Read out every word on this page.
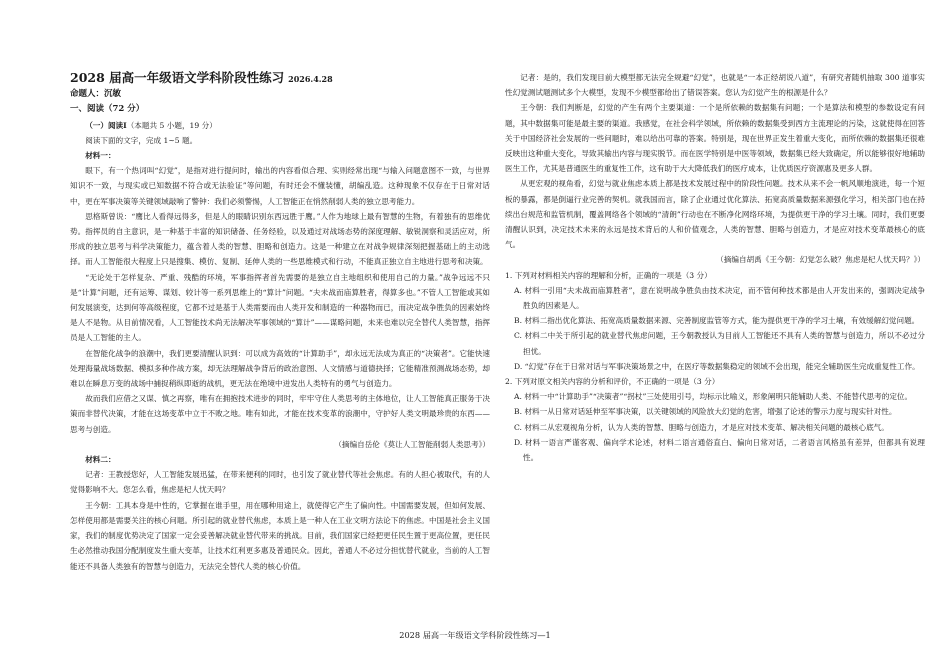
2028 届高一年级语文学科阶段性练习 2026.4.28

命题人：沉敏

一、阅读（72 分）

（一）阅读Ⅰ（本题共 5 小题，19 分）

阅读下面的文字，完成 1~5 题。

材料一：

眼下，有一个热词叫“幻觉”，是指对进行提问时，输出的内容看似合理、实则经常出现“与输入问题意图不一致，与世界知识不一致，与现实或已知数据不符合或无法验证”等问题，有时还会不懂装懂，胡编乱造。这种现象不仅存在于日常对话中，更在军事决策等关键领域敲响了警钟：我们必须警惕，人工智能正在悄然削弱人类的独立思考能力。

思格斯曾说：“鹰比人看得远得多，但是人的眼睛识别东西远胜于鹰。”人作为地球上最有智慧的生物，有着独有的思维优势。指挥员的自主意识，是一种基于丰富的知识储备、任务经验，以及通过对战场态势的深度理解、敏锐洞察和灵活应对，所形成的独立思考与科学决策能力，蕴含着人类的智慧、胆略和创造力。这是一种建立在对战争规律深刻把握基础上的主动选择。而人工智能很大程度上只是搜集、模仿、复制、延伸人类的一些思维模式和行动，不能真正独立自主地进行思考和决策。

“无论处于怎样复杂、严重、残酷的环境，军事指挥者首先需要的是独立自主地组织和使用自己的力量。”战争远远不只是“计算”问题，还有运筹、谋划、较计等一系列思维上的“算计”问题。“夫未战而庙算胜者，得算多也。”不管人工智能或其如何发展演变，达到何等高级程度，它都不过是基于人类需要而由人类开发和制造的一种器物而已，而决定战争胜负的因素始终是人不是物。从目前情况看，人工智能技术尚无法解决军事领域的“算计”——谋略问题，未来也难以完全替代人类智慧，指挥员是人工智能的主人。

在智能化战争的浪潮中，我们更要清醒认识到：可以成为高效的“计算助手”，却永远无法成为真正的“决策者”。它能快速处理海量战场数据、模拟多种作战方案，却无法理解战争背后的政治意图、人文情感与道德抉择；它能精准预测战场态势，却难以在瞬息万变的战场中捕捉稍纵即逝的战机，更无法在绝境中迸发出人类特有的勇气与创造力。

故而我们应借之又谋、慎之再察，唯有在拥抱技术进步的同时，牢牢守住人类思考的主体地位，让人工智能真正服务于决策而非替代决策，才能在这场变革中立于不败之地。唯有如此，才能在技术变革的浪潮中，守护好人类文明最珍贵的东西——思考与创造。

（摘编自岳伦《莫让人工智能削弱人类思考》）

材料二：

记者：王教授您好，人工智能发展迅猛，在带来便利的同时，也引发了就业替代等社会焦虑。有的人担心被取代，有的人觉得影响不大。您怎么看，焦虑是杞人忧天吗？

王今朝：工具本身是中性的，它掌握在谁手里，用在哪种用途上，就使得它产生了偏向性。中国需要发展，但如何发展、怎样使用都是需要关注的核心问题。所引起的就业替代焦虑，本质上是一种人在工业文明方法论下的焦虑。中国是社会主义国家，我们的制度优势决定了国家一定会妥善解决就业替代带来的挑战。目前，我们国家已经把更任民生置于更高位置，更任民生必然推动我国分配制度发生重大变革，让技术红利更多惠及普通民众。因此，普通人不必过分担忧替代就业，当前的人工智能还不具备人类独有的智慧与创造力，无法完全替代人类的核心价值。

记者：是的，我们发现目前大模型都无法完全规避“幻觉”，也就是“一本正经胡说八道”，有研究者随机抽取 300 道事实性幻觉测试题测试多个大模型，发现不少模型都给出了错误答案。您认为幻觉产生的根源是什么？

王今朝：我们判断是，幻觉的产生有两个主要渠道：一个是所依赖的数据集有问题；一个是算法和模型的参数设定有问题，其中数据集可能是最主要的渠道。我感觉，在社会科学领域，所依赖的数据集受到西方主流理论的污染，这就使得在回答关于中国经济社会发展的一些问题时，难以给出可靠的答案。特别是，现在世界正发生着重大变化，而所依赖的数据集还很难反映出这种重大变化，导致其输出内容与现实脱节。而在医学特别是中医等领域，数据集已经大致确定，所以能够很好地辅助医生工作，尤其是普通医生的重复性工作，这有助于大大降低我们的医疗成本，让优质医疗资源惠及更多人群。

从更宏观的视角看，幻觉与就业焦虑本质上都是技术发展过程中的阶段性问题。技术从来不会一帆风顺地演进，每一个短板的暴露，都是倒逼行业完善的契机。就我国而言，除了企业通过优化算法、拓宽高质量数据来源强化学习，相关部门也在持续出台规范和监管机制，覆盖网络各个领域的“清朗”行动也在不断净化网络环境，为提供更干净的学习土壤。同时，我们更要清醒认识到，决定技术未来的永远是技术背后的人和价值观念，人类的智慧、胆略与创造力，才是应对技术变革最核心的底气。

（摘编自胡禹《王今朝：幻觉怎么破？焦虑是杞人忧天吗？》）

1. 下列对材料相关内容的理解和分析，正确的一项是（3 分）

A. 材料一引用“夫未战而庙算胜者”，意在说明战争胜负由技术决定，而不管何种技术都是由人开发出来的，强调决定战争胜负的因素是人。

B. 材料二指出优化算法、拓宽高质量数据来源、完善制度监管等方式，能为提供更干净的学习土壤，有效缓解幻觉问题。

C. 材料二中关于所引起的就业替代焦虑问题，王今朝教授认为目前人工智能还不具有人类的智慧与创造力，所以不必过分担忧。

D. “幻觉”存在于日常对话与军事决策场景之中，在医疗等数据集稳定的领域不会出现，能完全辅助医生完成重复性工作。

2. 下列对原文相关内容的分析和评价，不正确的一项是（3 分）

A. 材料一中“计算助手”“决策者”“拐杖”三处使用引号，均标示比喻义，形象阐明只能辅助人类、不能替代思考的定位。

B. 材料一从日常对话延伸至军事决策，以关键领域的风险放大幻觉的危害，增强了论述的警示力度与现实针对性。

C. 材料二从宏观视角分析，认为人类的智慧、胆略与创造力，才是应对技术变革、解决相关问题的最核心底气。

D. 材料一语言严谨客观、偏向学术论述，材料二语言通俗直白、偏向日常对话，二者语言风格虽有差异，但都具有说理性。

2028 届高一年级语文学科阶段性练习—1
